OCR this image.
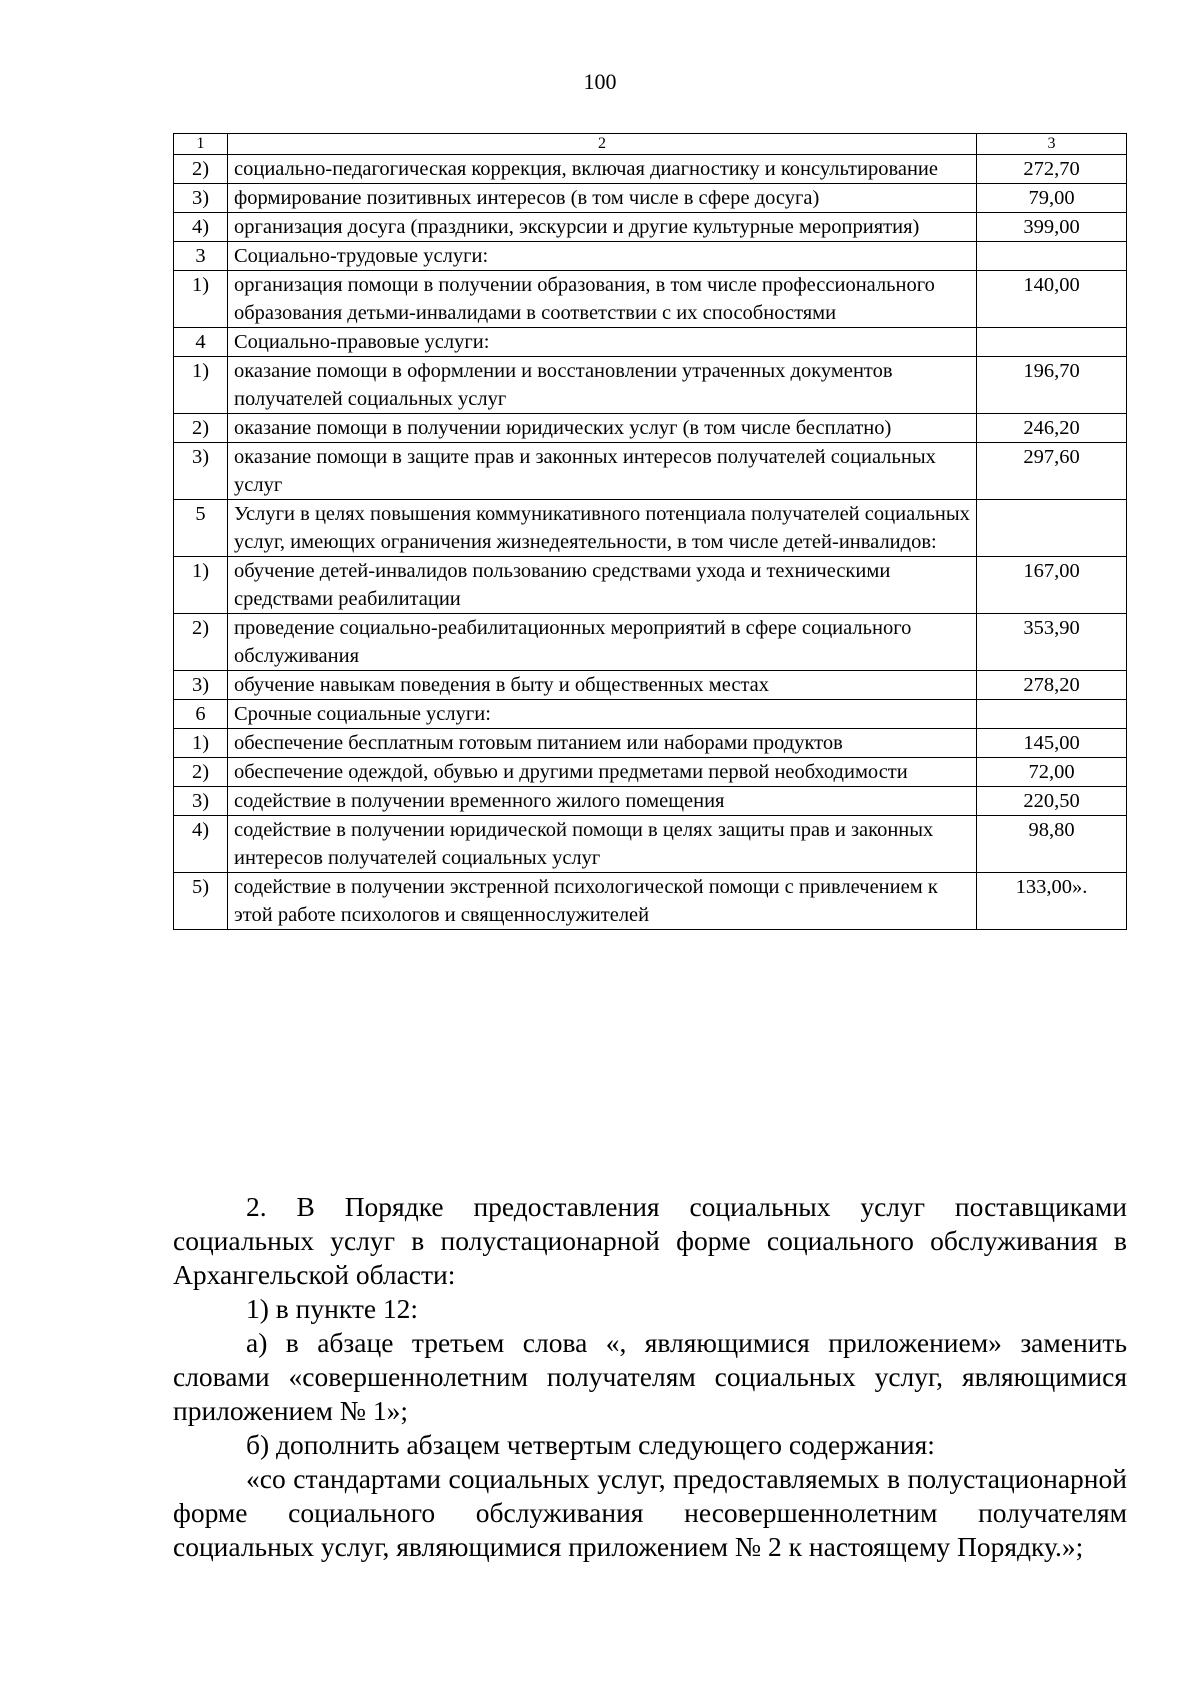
100
1	2	3
2)	социально-педагогическая коррекция, включая диагностику и консультирование	272,70
3)	формирование позитивных интересов (в том числе в сфере досуга)	79,00
4)	организация досуга (праздники, экскурсии и другие культурные мероприятия)	399,00
3	Социально-трудовые услуги:	
1)	организация помощи в получении образования, в том числе профессионального образования детьми-инвалидами в соответствии с их способностями	140,00
4	Социально-правовые услуги:	
1)	оказание помощи в оформлении и восстановлении утраченных документов получателей социальных услуг	196,70
2)	оказание помощи в получении юридических услуг (в том числе бесплатно)	246,20
3)	оказание помощи в защите прав и законных интересов получателей социальных услуг	297,60
5	Услуги в целях повышения коммуникативного потенциала получателей социальных услуг, имеющих ограничения жизнедеятельности, в том числе детей-инвалидов:	
1)	обучение детей-инвалидов пользованию средствами ухода и техническими средствами реабилитации	167,00
2)	проведение социально-реабилитационных мероприятий в сфере социального обслуживания	353,90
3)	обучение навыкам поведения в быту и общественных местах	278,20
6	Срочные социальные услуги:	
1)	обеспечение бесплатным готовым питанием или наборами продуктов	145,00
2)	обеспечение одеждой, обувью и другими предметами первой необходимости	72,00
3)	содействие в получении временного жилого помещения	220,50
4)	содействие в получении юридической помощи в целях защиты прав и законных интересов получателей социальных услуг	98,80
5)	содействие в получении экстренной психологической помощи с привлечением к этой работе психологов и священнослужителей	133,00».

2. В Порядке предоставления социальных услуг поставщиками социальных услуг в полустационарной форме социального обслуживания в Архангельской области:

1) в пункте 12:

а) в абзаце третьем слова «, являющимися приложением» заменить словами «совершеннолетним получателям социальных услуг, являющимися приложением № 1»;

б) дополнить абзацем четвертым следующего содержания:

«со стандартами социальных услуг, предоставляемых в полустационарной форме социального обслуживания несовершеннолетним получателям социальных услуг, являющимися приложением № 2 к настоящему Порядку.»;
